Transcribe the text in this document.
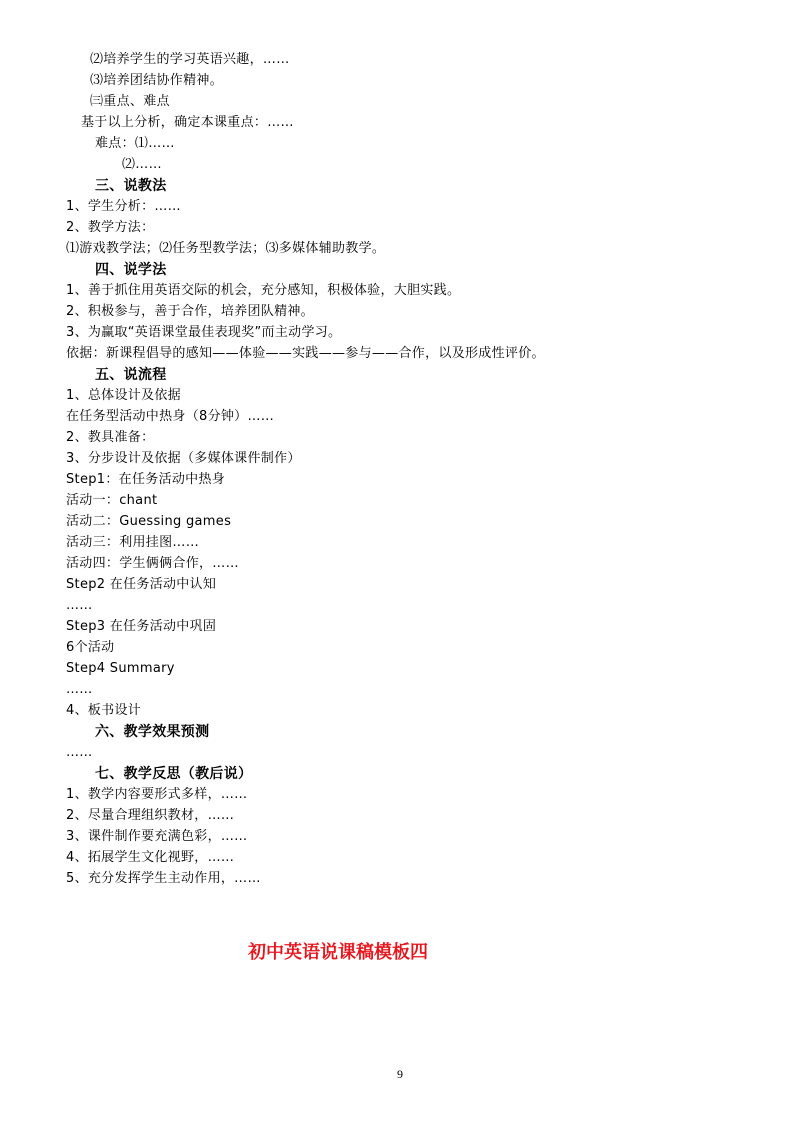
⑵培养学生的学习英语兴趣，……
⑶培养团结协作精神。
㈢重点、难点
基于以上分析，确定本课重点：……
难点：⑴……
⑵……
三、说教法
1、学生分析：……
2、教学方法：
⑴游戏教学法；⑵任务型教学法；⑶多媒体辅助教学。
四、说学法
1、善于抓住用英语交际的机会，充分感知，积极体验，大胆实践。
2、积极参与，善于合作，培养团队精神。
3、为赢取“英语课堂最佳表现奖”而主动学习。
依据：新课程倡导的感知——体验——实践——参与——合作，以及形成性评价。
五、说流程
1、总体设计及依据
在任务型活动中热身（8分钟）……
2、教具准备：
3、分步设计及依据（多媒体课件制作）
Step1：在任务活动中热身
活动一：chant
活动二：Guessing games
活动三：利用挂图……
活动四：学生俩俩合作，……
Step2 在任务活动中认知
……
Step3 在任务活动中巩固
6个活动
Step4 Summary
……
4、板书设计
六、教学效果预测
……
七、教学反思（教后说）
1、教学内容要形式多样，……
2、尽量合理组织教材，……
3、课件制作要充满色彩，……
4、拓展学生文化视野，……
5、充分发挥学生主动作用，……
初中英语说课稿模板四
9
